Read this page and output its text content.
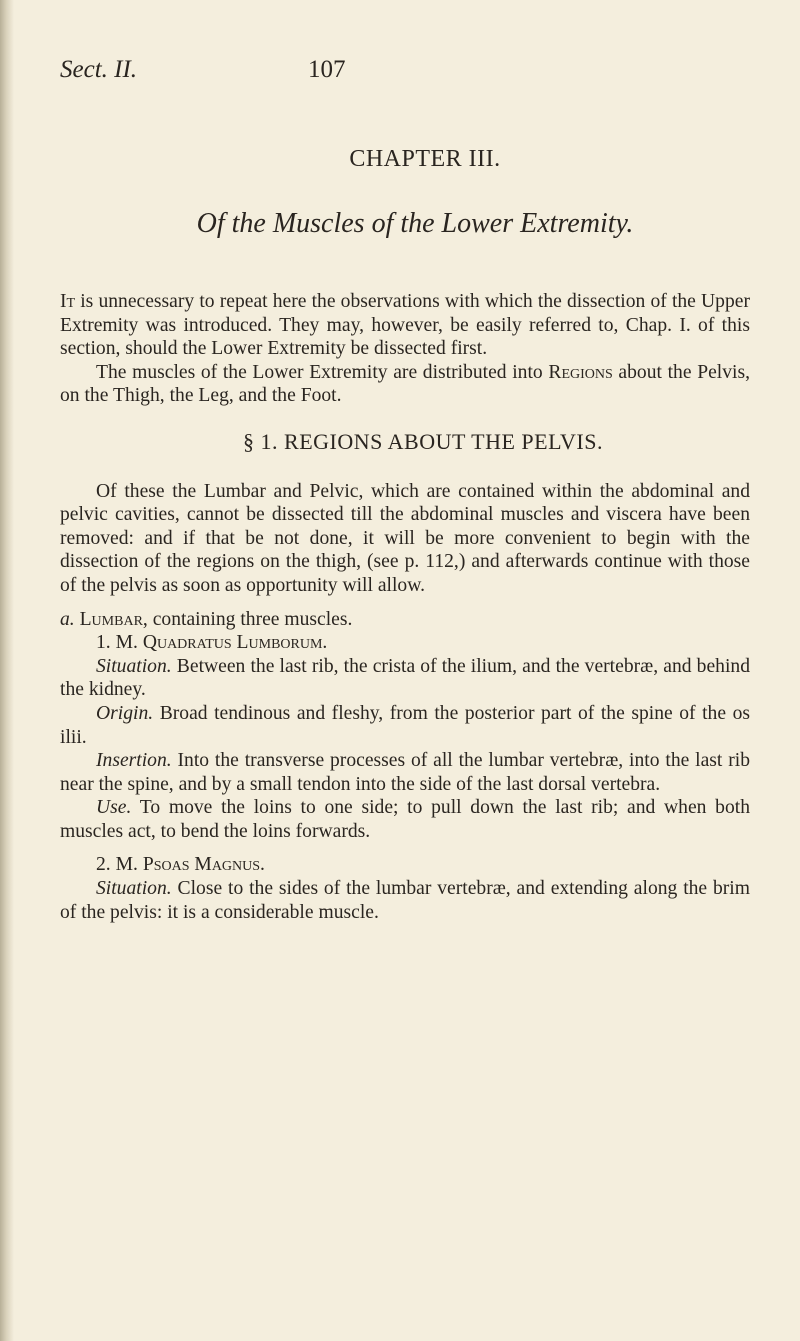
Sect. II.	107
CHAPTER III.
Of the Muscles of the Lower Extremity.

It is unnecessary to repeat here the observations with which the dissection of the Upper Extremity was introduced. They may, however, be easily referred to, Chap. I. of this section, should the Lower Extremity be dissected first.

The muscles of the Lower Extremity are distributed into Regions about the Pelvis, on the Thigh, the Leg, and the Foot.

§ 1. REGIONS ABOUT THE PELVIS.

Of these the Lumbar and Pelvic, which are contained within the abdominal and pelvic cavities, cannot be dissected till the abdominal muscles and viscera have been removed: and if that be not done, it will be more convenient to begin with the dissection of the regions on the thigh, (see p. 112,) and afterwards continue with those of the pelvis as soon as opportunity will allow.

a. Lumbar, containing three muscles.

1. M. Quadratus Lumborum.

Situation. Between the last rib, the crista of the ilium, and the vertebræ, and behind the kidney.

Origin. Broad tendinous and fleshy, from the posterior part of the spine of the os ilii.

Insertion. Into the transverse processes of all the lumbar vertebræ, into the last rib near the spine, and by a small tendon into the side of the last dorsal vertebra.

Use. To move the loins to one side; to pull down the last rib; and when both muscles act, to bend the loins forwards.

2. M. Psoas Magnus.

Situation. Close to the sides of the lumbar vertebræ, and extending along the brim of the pelvis: it is a considerable muscle.
